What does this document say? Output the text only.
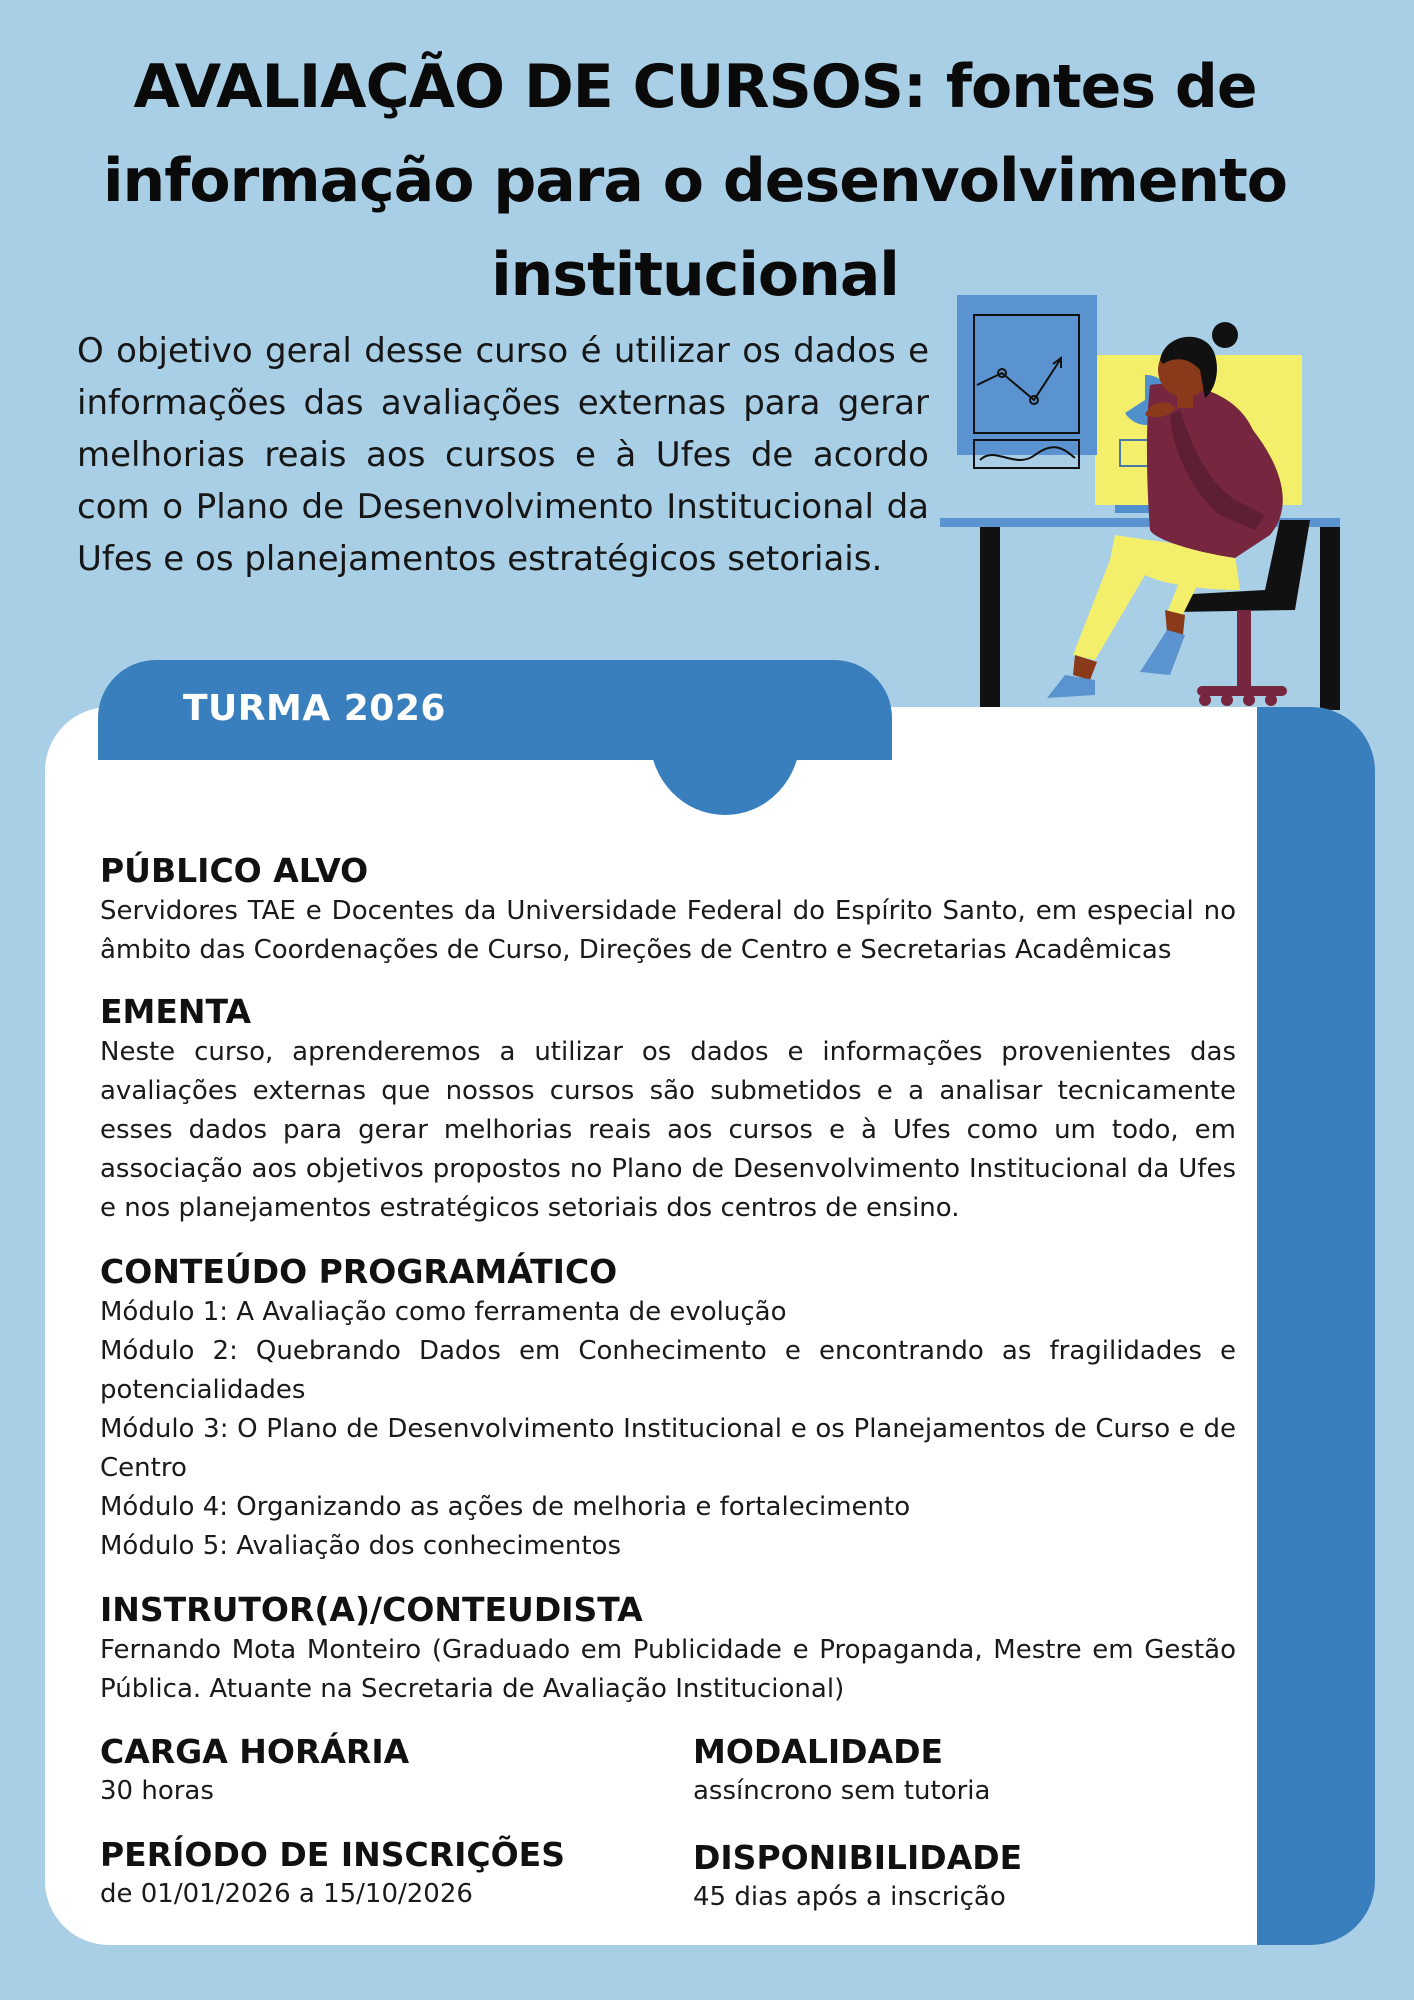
AVALIAÇÃO DE CURSOS: fontes de informação para o desenvolvimento institucional

O objetivo geral desse curso é utilizar os dados e informações das avaliações externas para gerar melhorias reais aos cursos e à Ufes de acordo com o Plano de Desenvolvimento Institucional da Ufes e os planejamentos estratégicos setoriais.

TURMA 2026
PÚBLICO ALVO

Servidores TAE e Docentes da Universidade Federal do Espírito Santo, em especial no âmbito das Coordenações de Curso, Direções de Centro e Secretarias Acadêmicas

EMENTA

Neste curso, aprenderemos a utilizar os dados e informações provenientes das avaliações externas que nossos cursos são submetidos e a analisar tecnicamente esses dados para gerar melhorias reais aos cursos e à Ufes como um todo, em associação aos objetivos propostos no Plano de Desenvolvimento Institucional da Ufes e nos planejamentos estratégicos setoriais dos centros de ensino.

CONTEÚDO PROGRAMÁTICO

Módulo 1: A Avaliação como ferramenta de evolução

Módulo 2: Quebrando Dados em Conhecimento e encontrando as fragilidades e potencialidades

Módulo 3: O Plano de Desenvolvimento Institucional e os Planejamentos de Curso e de Centro

Módulo 4: Organizando as ações de melhoria e fortalecimento

Módulo 5: Avaliação dos conhecimentos

INSTRUTOR(A)/CONTEUDISTA

Fernando Mota Monteiro (Graduado em Publicidade e Propaganda, Mestre em Gestão Pública. Atuante na Secretaria de Avaliação Institucional)

CARGA HORÁRIA

30 horas

MODALIDADE

assíncrono sem tutoria

PERÍODO DE INSCRIÇÕES

de 01/01/2026 a 15/10/2026

DISPONIBILIDADE

45 dias após a inscrição
